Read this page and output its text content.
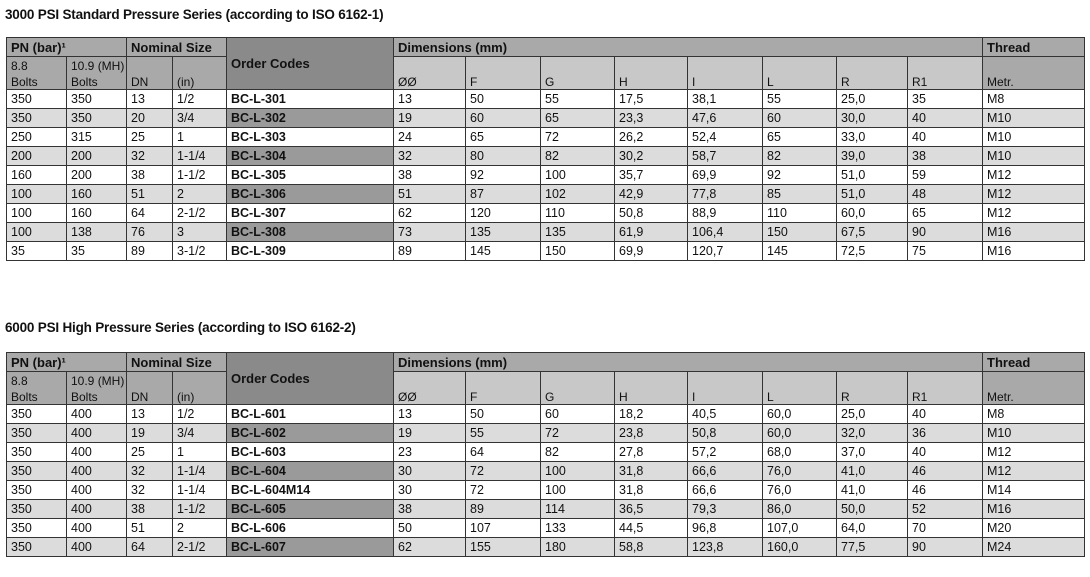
3000 PSI Standard Pressure Series (according to ISO 6162-1)
PN (bar)¹		Nominal Size		Order Codes	Dimensions (mm)								Thread
8.8	10.9 (MH)												
Bolts	Bolts	DN	(in)		ØØ	F	G	H	I	L	R	R1	Metr.
350	350	13	1/2	BC-L-301	13	50	55	17,5	38,1	55	25,0	35	M8
350	350	20	3/4	BC-L-302	19	60	65	23,3	47,6	60	30,0	40	M10
250	315	25	1	BC-L-303	24	65	72	26,2	52,4	65	33,0	40	M10
200	200	32	1-1/4	BC-L-304	32	80	82	30,2	58,7	82	39,0	38	M10
160	200	38	1-1/2	BC-L-305	38	92	100	35,7	69,9	92	51,0	59	M12
100	160	51	2	BC-L-306	51	87	102	42,9	77,8	85	51,0	48	M12
100	160	64	2-1/2	BC-L-307	62	120	110	50,8	88,9	110	60,0	65	M12
100	138	76	3	BC-L-308	73	135	135	61,9	106,4	150	67,5	90	M16
35	35	89	3-1/2	BC-L-309	89	145	150	69,9	120,7	145	72,5	75	M16
6000 PSI High Pressure Series (according to ISO 6162-2)
PN (bar)¹		Nominal Size		Order Codes	Dimensions (mm)								Thread
8.8	10.9 (MH)												
Bolts	Bolts	DN	(in)		ØØ	F	G	H	I	L	R	R1	Metr.
350	400	13	1/2	BC-L-601	13	50	60	18,2	40,5	60,0	25,0	40	M8
350	400	19	3/4	BC-L-602	19	55	72	23,8	50,8	60,0	32,0	36	M10
350	400	25	1	BC-L-603	23	64	82	27,8	57,2	68,0	37,0	40	M12
350	400	32	1-1/4	BC-L-604	30	72	100	31,8	66,6	76,0	41,0	46	M12
350	400	32	1-1/4	BC-L-604M14	30	72	100	31,8	66,6	76,0	41,0	46	M14
350	400	38	1-1/2	BC-L-605	38	89	114	36,5	79,3	86,0	50,0	52	M16
350	400	51	2	BC-L-606	50	107	133	44,5	96,8	107,0	64,0	70	M20
350	400	64	2-1/2	BC-L-607	62	155	180	58,8	123,8	160,0	77,5	90	M24
